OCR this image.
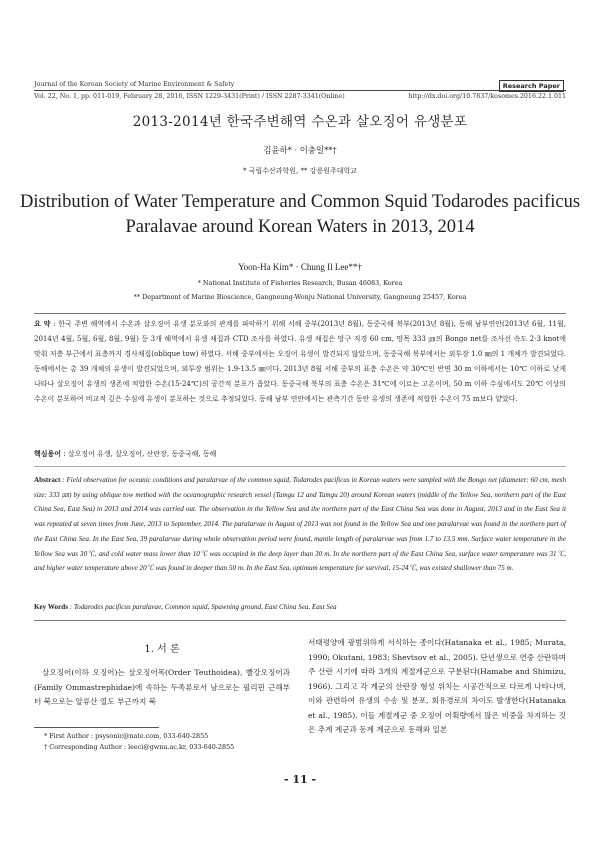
Journal of the Korean Society of Marine Environment & Safety	Research Paper
Vol. 22, No. 1, pp. 011-019, February 28, 2016, ISSN 1229-3431(Print) / ISSN 2287-3341(Online)	http://dx.doi.org/10.7837/kosomes.2016.22.1.011
2013-2014년 한국주변해역 수온과 살오징어 유생분포
김윤하* · 이충일**†
* 국립수산과학원, ** 강릉원주대학교
Distribution of Water Temperature and Common Squid Todarodes pacificus
Paralavae around Korean Waters in 2013, 2014
Yoon-Ha Kim* · Chung Il Lee**†
* National Institute of Fisheries Research, Busan 46083, Korea
** Department of Marine Bioscience, Gangneung-Wonju National University, Gangneung 25457, Korea
요 약 : 한국 주변 해역에서 수온과 살오징어 유생 분포와의 관계를 파악하기 위해 서해 중부(2013년 8월), 동중국해 북부(2013년 8월), 동해 남부연안(2013년 6월, 11월, 2014년 4월, 5월, 6월, 8월, 9월) 등 3개 해역에서 유생 채집과 CTD 조사를 하였다. 유생 채집은 망구 직경 60 cm, 망목 333 ㎛의 Bongo net를 조사선 속도 2-3 knot에 맞춰 저층 부근에서 표층까지 경사채집(oblique tow) 하였다. 서해 중부에서는 오징어 유생이 발견되지 않았으며, 동중국해 북부에서는 외투장 1.0 ㎜의 1 개체가 발견되었다. 동해에서는 총 39 개체의 유생이 발견되었으며, 외투장 범위는 1.9-13.5 ㎜이다. 2013년 8월 서해 중부의 표층 수온은 약 30℃인 반면 30 m 이하에서는 10℃ 이하로 낮게 나타나 살오징어 유생의 생존에 적합한 수온(15-24℃)의 공간적 분포가 좁았다. 동중국해 북부의 표층 수온은 31℃에 이르는 고온이며, 50 m 이하 수심에서도 20℃ 이상의 수온이 분포하여 비교적 깊은 수심에 유생이 분포하는 것으로 추정되었다. 동해 남부 연안에서는 관측기간 동안 유생의 생존에 적합한 수온이 75 m보다 얕았다.
핵심용어 : 살오징어 유생, 살오징어, 산란장, 동중국해, 동해
Abstract : Field observation for oceanic conditions and paralarvae of the common squid, Todarodes pacificus in Korean waters were sampled with the Bongo net (diameter: 60 cm, mesh size: 333 ㎛) by using oblique tow method with the oceanographic research vessel (Tamgu 12 and Tamgu 20) around Korean waters (middle of the Yellow Sea, northern part of the East China Sea, East Sea) in 2013 and 2014 was carried out. The observation in the Yellow Sea and the northern part of the East China Sea was done in August, 2013 and in the East Sea it was repeated at seven times from June, 2013 to September, 2014. The paralarvae in August of 2013 was not found in the Yellow Sea and one paralarvae was found in the northern part of the East China Sea. In the East Sea, 39 paralarvae during whole observation period were found, mantle length of paralarvae was from 1.7 to 13.5 mm. Surface water temperature in the Yellow Sea was 30℃, and cold water mass lower than 10℃ was occupied in the deep layer than 30 m. In the northern part of the East China Sea, surface water temperature was 31℃, and higher water temperature above 20℃ was found in deeper than 50 m. In the East Sea, optimum temperature for survival, 15-24℃, was existed shallower than 75 m.
Key Words : Todarodes pacificus paralavae, Common squid, Spawning ground, East China Sea, East Sea
1. 서 론
살오징어(이하 오징어)는 살오징어목(Order Teuthoidea), 빨강오징어과(Family Ommastrephidae)에 속하는 두족류로서 남으로는 필리핀 근해부터 북으로는 알류산 열도 부근까지 북
* First Author : psysonic@nate.com, 033-640-2855
† Corresponding Author : leeci@gwnu.ac.kr, 033-640-2855
서태평양에 광범위하게 서식하는 종이다(Hatanaka et al., 1985; Murata, 1990; Okutani, 1983; Shevtsov et al., 2005). 단년생으로 연중 산란하며 주 산란 시기에 따라 3개의 계절계군으로 구분된다(Hamabe and Shimizu, 1966). 그리고 각 계군의 산란장 형성 위치는 시공간적으로 다르게 나타나며, 이와 관련하여 유생의 수송 및 분포, 회유경로의 차이도 발생한다(Hatanaka et al., 1985). 이들 계절계군 중 오징어 어획량에서 많은 비중을 차지하는 것은 추계 계군과 동계 계군으로 동해와 일본
- 11 -
